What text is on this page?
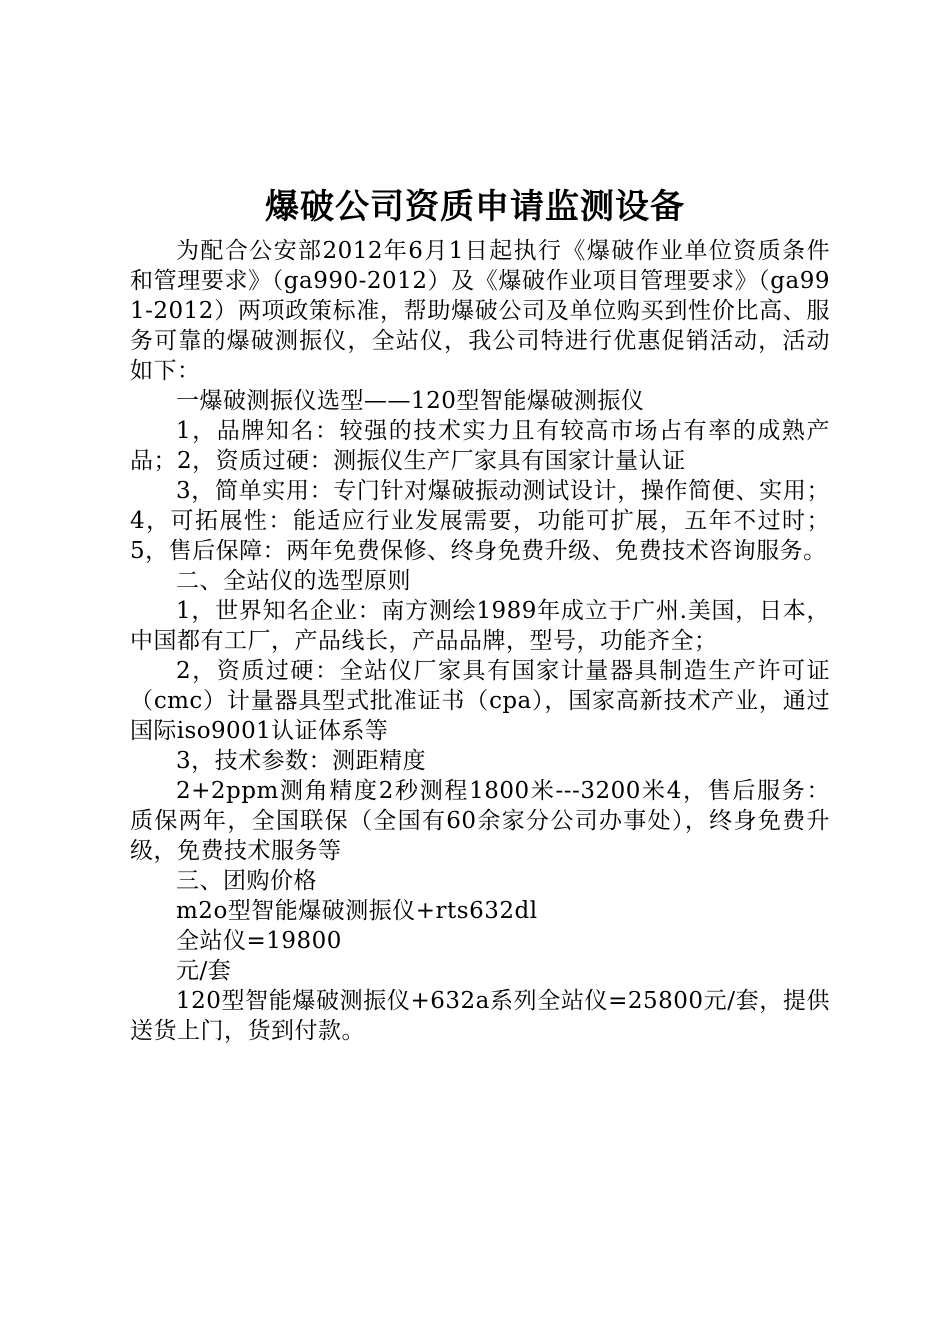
爆破公司资质申请监测设备

为配合公安部2012年6月1日起执行《爆破作业单位资质条件和管理要求》（ga990-2012）及《爆破作业项目管理要求》（ga991-2012）两项政策标准，帮助爆破公司及单位购买到性价比高、服务可靠的爆破测振仪，全站仪，我公司特进行优惠促销活动，活动如下：

一爆破测振仪选型——120型智能爆破测振仪

1，品牌知名：较强的技术实力且有较高市场占有率的成熟产品；2，资质过硬：测振仪生产厂家具有国家计量认证

3，简单实用：专门针对爆破振动测试设计，操作简便、实用；4，可拓展性：能适应行业发展需要，功能可扩展，五年不过时；5，售后保障：两年免费保修、终身免费升级、免费技术咨询服务。

二、全站仪的选型原则

1，世界知名企业：南方测绘1989年成立于广州.美国，日本，中国都有工厂，产品线长，产品品牌，型号，功能齐全；

2，资质过硬：全站仪厂家具有国家计量器具制造生产许可证（cmc）计量器具型式批准证书（cpa），国家高新技术产业，通过国际iso9001认证体系等

3，技术参数：测距精度

2+2ppm测角精度2秒测程1800米---3200米4，售后服务：质保两年，全国联保（全国有60余家分公司办事处），终身免费升级，免费技术服务等

三、团购价格

m2o型智能爆破测振仪+rts632dl

全站仪=19800

元/套

120型智能爆破测振仪+632a系列全站仪=25800元/套，提供送货上门，货到付款。
